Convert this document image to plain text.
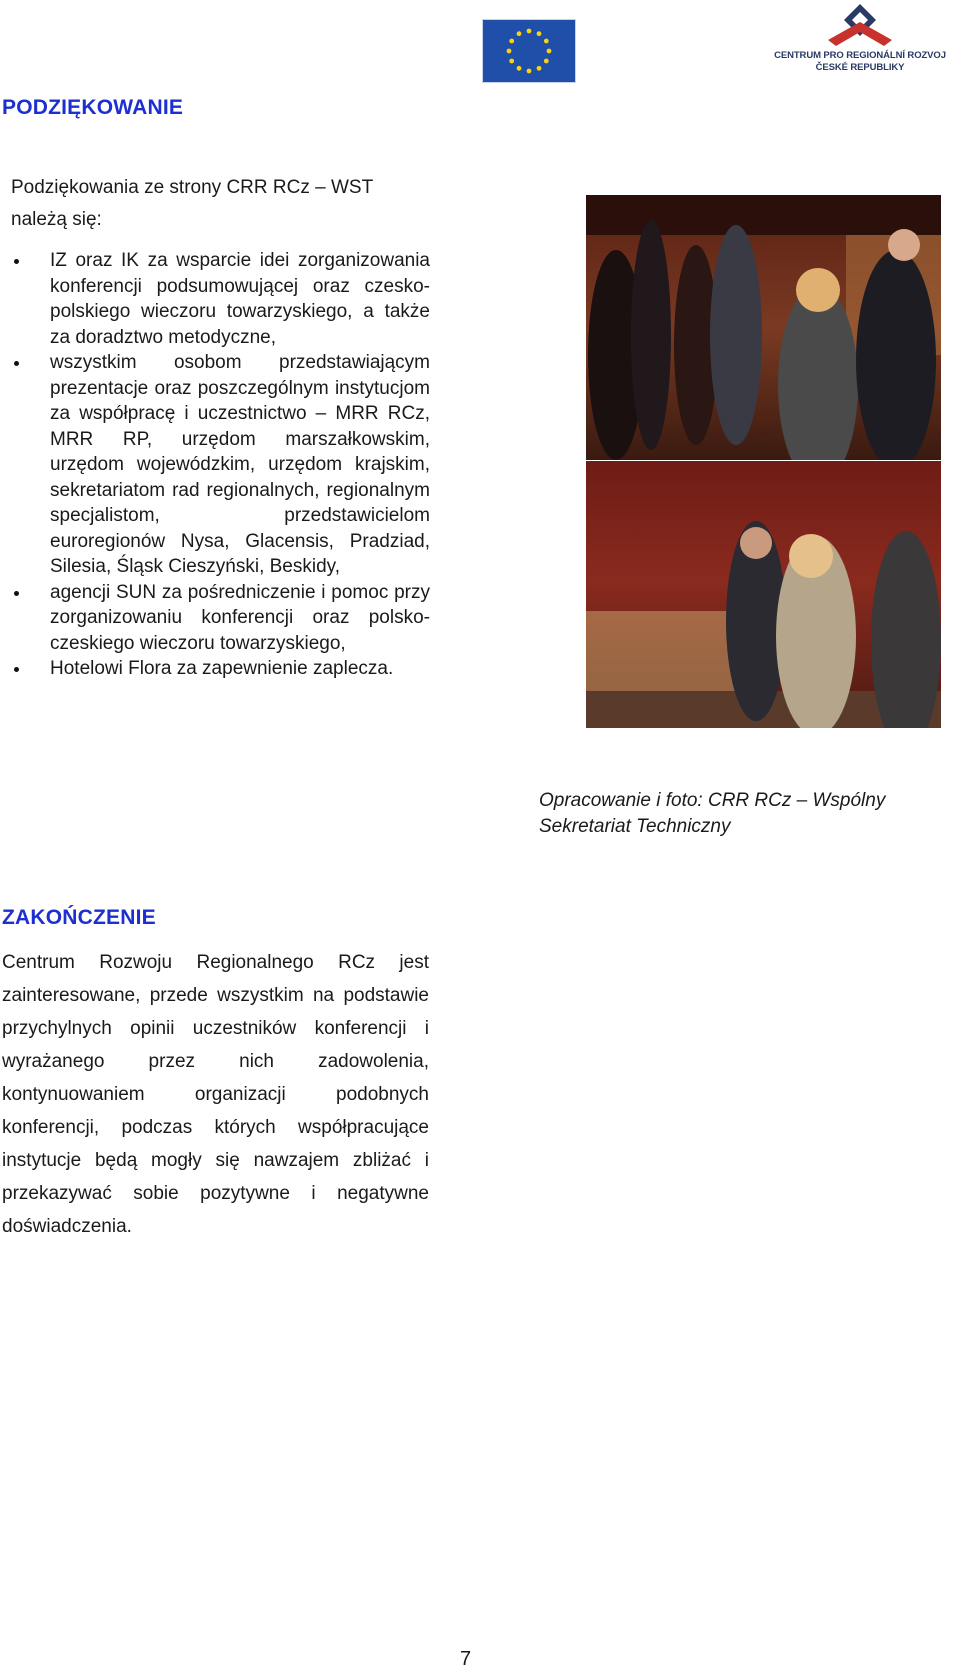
CENTRUM PRO REGIONÁLNÍ ROZVOJ
ČESKÉ REPUBLIKY
PODZIĘKOWANIE

Podziękowania ze strony CRR RCz – WST należą się:

IZ oraz IK za wsparcie idei zorganizowania konferencji podsumowującej oraz czesko-polskiego wieczoru towarzyskiego, a także za doradztwo metodyczne,
wszystkim osobom przedstawiającym prezentacje oraz poszczególnym instytucjom za współpracę i uczestnictwo – MRR RCz, MRR RP, urzędom marszałkowskim, urzędom wojewódzkim, urzędom krajskim, sekretariatom rad regionalnych, regionalnym specjalistom, przedstawicielom euroregionów Nysa, Glacensis, Pradziad, Silesia, Śląsk Cieszyński, Beskidy,
agencji SUN za pośredniczenie i pomoc przy zorganizowaniu konferencji oraz polsko-czeskiego wieczoru towarzyskiego,
Hotelowi Flora za zapewnienie zaplecza.

Opracowanie i foto: CRR RCz – Wspólny Sekretariat Techniczny

ZAKOŃCZENIE

Centrum Rozwoju Regionalnego RCz jest zainteresowane, przede wszystkim na podstawie przychylnych opinii uczestników konferencji i wyrażanego przez nich zadowolenia, kontynuowaniem organizacji podobnych konferencji, podczas których współpracujące instytucje będą mogły się nawzajem zbliżać i przekazywać sobie pozytywne i negatywne doświadczenia.

7
